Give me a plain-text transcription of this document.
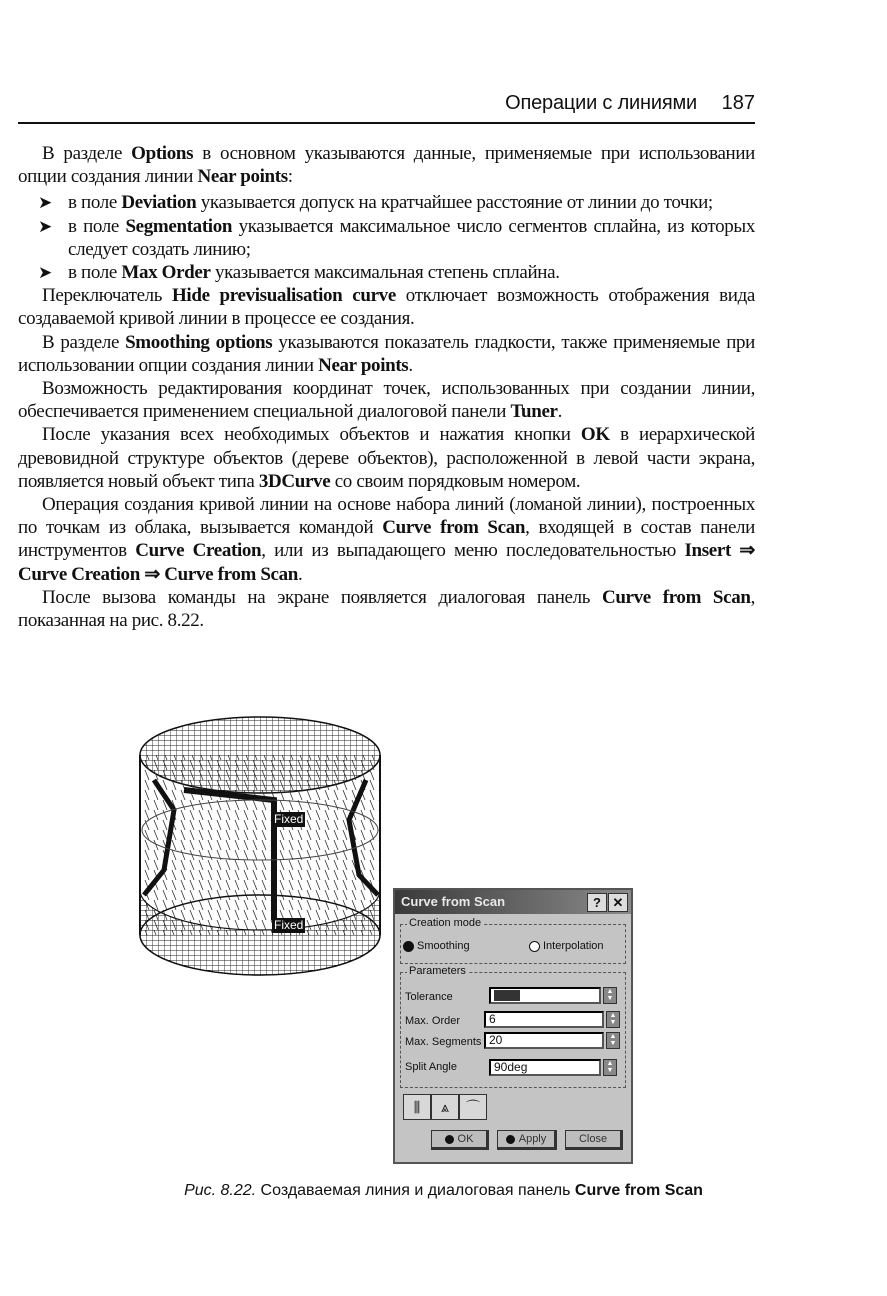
Операции с линиями 187

В разделе Options в основном указываются данные, применяемые при использовании опции создания линии Near points:

➤ в поле Deviation указывается допуск на кратчайшее расстояние от линии до точки;
➤ в поле Segmentation указывается максимальное число сегментов сплайна, из которых следует создать линию;
➤ в поле Max Order указывается максимальная степень сплайна.

Переключатель Hide previsualisation curve отключает возможность отображения вида создаваемой кривой линии в процессе ее создания.

В разделе Smoothing options указываются показатель гладкости, также применяемые при использовании опции создания линии Near points.

Возможность редактирования координат точек, использованных при создании линии, обеспечивается применением специальной диалоговой панели Tuner.

После указания всех необходимых объектов и нажатия кнопки OK в иерархической древовидной структуре объектов (дереве объектов), расположенной в левой части экрана, появляется новый объект типа 3DCurve со своим порядковым номером.

Операция создания кривой линии на основе набора линий (ломаной линии), построенных по точкам из облака, вызывается командой Curve from Scan, входящей в состав панели инструментов Curve Creation, или из выпадающего меню последовательностью Insert ⇒ Curve Creation ⇒ Curve from Scan.

После вызова команды на экране появляется диалоговая панель Curve from Scan, показанная на рис. 8.22.

Fixed
Fixed
Curve from Scan	? ✕
Creation mode
Smoothing	Interpolation
Parameters
Tolerance	▲
▼
Max. Order	6	▲
▼
Max. Segments 20	▲
▼
Split Angle	90deg	▲
▼
⫼	⩓	⌒
OK	Apply	Close
Рис. 8.22. Создаваемая линия и диалоговая панель Curve from Scan
